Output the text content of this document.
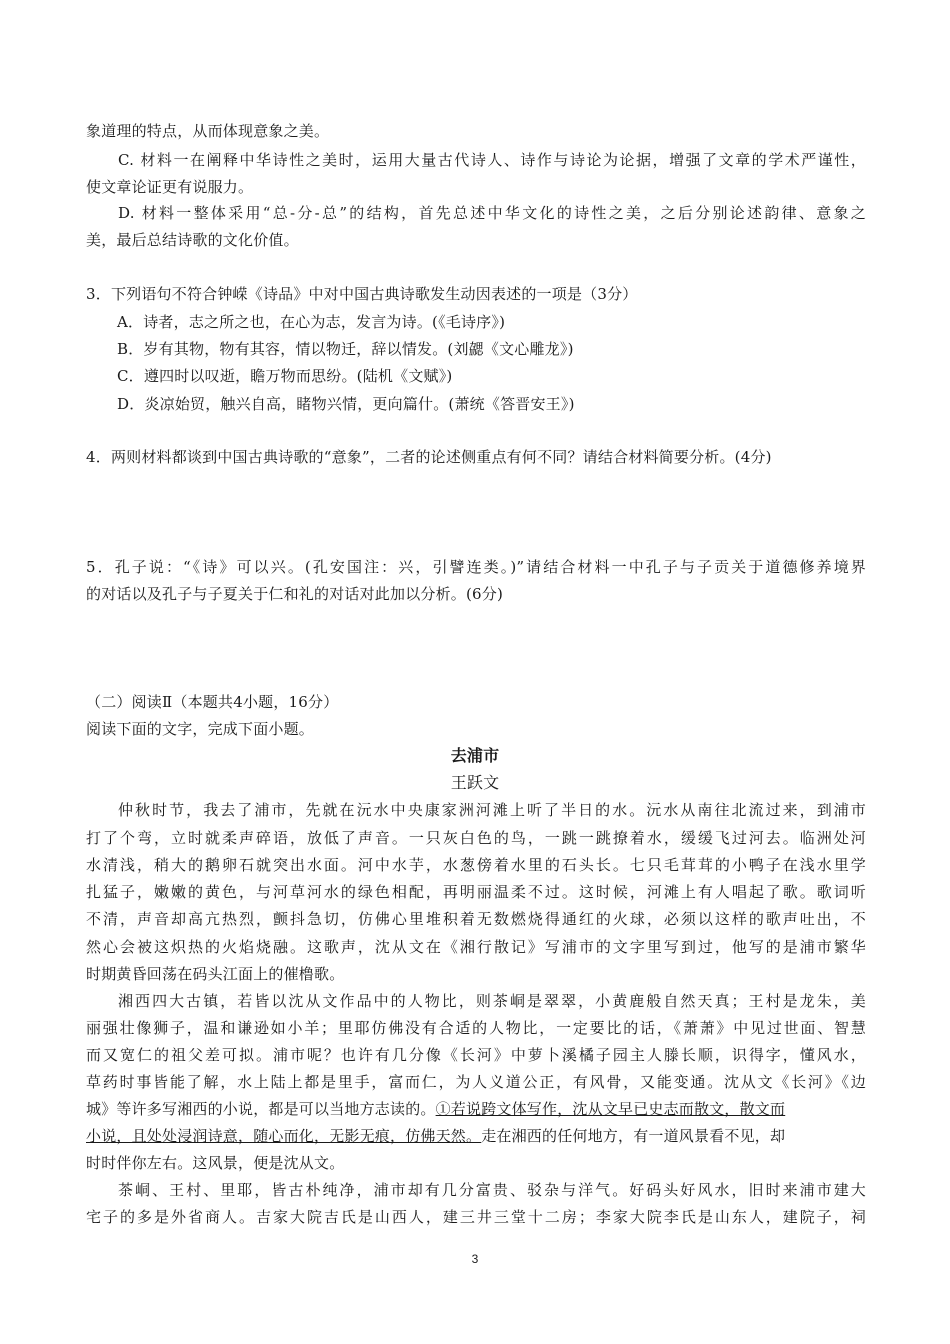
象道理的特点，从而体现意象之美。
C. 材料一在阐释中华诗性之美时，运用大量古代诗人、诗作与诗论为论据，增强了文章的学术严谨性，
使文章论证更有说服力。
D. 材料一整体采用“总-分-总”的结构，首先总述中华文化的诗性之美，之后分别论述韵律、意象之
美，最后总结诗歌的文化价值。
3．下列语句不符合钟嵘《诗品》中对中国古典诗歌发生动因表述的一项是（3分）
A．诗者，志之所之也，在心为志，发言为诗。(《毛诗序》)
B．岁有其物，物有其容，情以物迁，辞以情发。(刘勰《文心雕龙》)
C．遵四时以叹逝，瞻万物而思纷。(陆机《文赋》)
D．炎凉始贸，触兴自高，睹物兴情，更向篇什。(萧统《答晋安王》)
4．两则材料都谈到中国古典诗歌的“意象”，二者的论述侧重点有何不同？请结合材料简要分析。(4分)
5．孔子说：“《诗》可以兴。(孔安国注：兴，引譬连类。)”请结合材料一中孔子与子贡关于道德修养境界
的对话以及孔子与子夏关于仁和礼的对话对此加以分析。(6分)
（二）阅读Ⅱ（本题共4小题，16分）
阅读下面的文字，完成下面小题。
去浦市
王跃文
仲秋时节，我去了浦市，先就在沅水中央康家洲河滩上听了半日的水。沅水从南往北流过来，到浦市
打了个弯，立时就柔声碎语，放低了声音。一只灰白色的鸟，一跳一跳撩着水，缓缓飞过河去。临洲处河
水清浅，稍大的鹅卵石就突出水面。河中水芋，水葱傍着水里的石头长。七只毛茸茸的小鸭子在浅水里学
扎猛子，嫩嫩的黄色，与河草河水的绿色相配，再明丽温柔不过。这时候，河滩上有人唱起了歌。歌词听
不清，声音却高亢热烈，颤抖急切，仿佛心里堆积着无数燃烧得通红的火球，必须以这样的歌声吐出，不
然心会被这炽热的火焰烧融。这歌声，沈从文在《湘行散记》写浦市的文字里写到过，他写的是浦市繁华
时期黄昏回荡在码头江面上的催橹歌。
湘西四大古镇，若皆以沈从文作品中的人物比，则茶峒是翠翠，小黄鹿般自然天真；王村是龙朱，美
丽强壮像狮子，温和谦逊如小羊；里耶仿佛没有合适的人物比，一定要比的话，《萧萧》中见过世面、智慧
而又宽仁的祖父差可拟。浦市呢？也许有几分像《长河》中萝卜溪橘子园主人滕长顺，识得字，懂风水，
草药时事皆能了解，水上陆上都是里手，富而仁，为人义道公正，有风骨，又能变通。沈从文《长河》《边
城》等许多写湘西的小说，都是可以当地方志读的。①若说跨文体写作，沈从文早已史志而散文，散文而
小说，且处处浸润诗意，随心而化，无影无痕，仿佛天然。走在湘西的任何地方，有一道风景看不见，却
时时伴你左右。这风景，便是沈从文。
茶峒、王村、里耶，皆古朴纯净，浦市却有几分富贵、驳杂与洋气。好码头好风水，旧时来浦市建大
宅子的多是外省商人。吉家大院吉氏是山西人，建三井三堂十二房；李家大院李氏是山东人，建院子，祠
3
